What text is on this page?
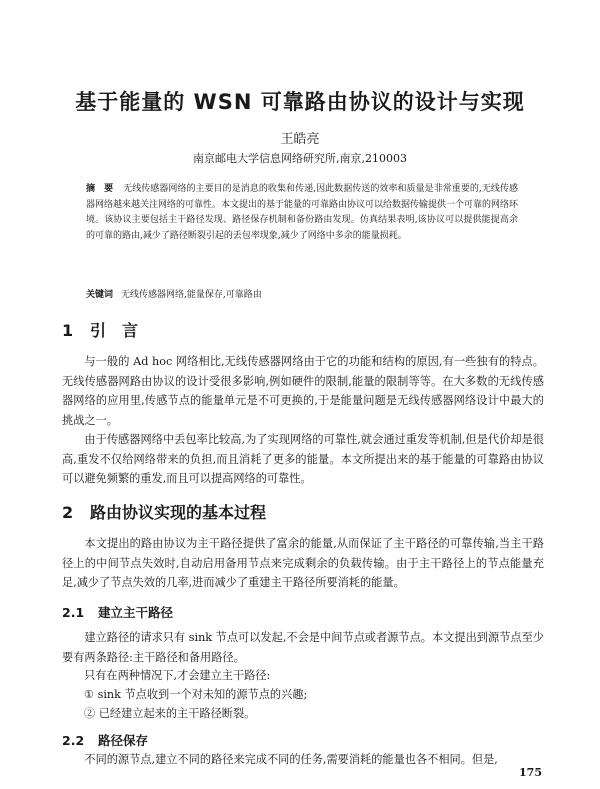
基于能量的 WSN 可靠路由协议的设计与实现
王皓亮
南京邮电大学信息网络研究所,南京,210003
摘　要 无线传感器网络的主要目的是消息的收集和传递,因此数据传送的效率和质量是非常重要的,无线传感器网络越来越关注网络的可靠性。本文提出的基于能量的可靠路由协议可以给数据传输提供一个可靠的网络环境。该协议主要包括主干路径发现、路径保存机制和备份路由发现。仿真结果表明,该协议可以提供能提高余的可靠的路由,减少了路径断裂引起的丢包率现象,减少了网络中多余的能量损耗。
关键词 无线传感器网络,能量保存,可靠路由
1 引　言
与一般的 Ad hoc 网络相比,无线传感器网络由于它的功能和结构的原因,有一些独有的特点。无线传感器网路由协议的设计受很多影响,例如硬件的限制,能量的限制等等。在大多数的无线传感器网络的应用里,传感节点的能量单元是不可更换的,于是能量问题是无线传感器网络设计中最大的挑战之一。
由于传感器网络中丢包率比较高,为了实现网络的可靠性,就会通过重发等机制,但是代价却是很高,重发不仅给网络带来的负担,而且消耗了更多的能量。本文所提出来的基于能量的可靠路由协议可以避免频繁的重发,而且可以提高网络的可靠性。
2 路由协议实现的基本过程
本文提出的路由协议为主干路径提供了富余的能量,从而保证了主干路径的可靠传输,当主干路径上的中间节点失效时,自动启用备用节点来完成剩余的负载传输。由于主干路径上的节点能量充足,减少了节点失效的几率,进而减少了重建主干路径所要消耗的能量。
2.1 建立主干路径
建立路径的请求只有 sink 节点可以发起,不会是中间节点或者源节点。本文提出到源节点至少要有两条路径:主干路径和备用路径。
只有在两种情况下,才会建立主干路径:
① sink 节点收到一个对未知的源节点的兴趣;
② 已经建立起来的主干路径断裂。
2.2 路径保存
不同的源节点,建立不同的路径来完成不同的任务,需要消耗的能量也各不相同。但是,
175
